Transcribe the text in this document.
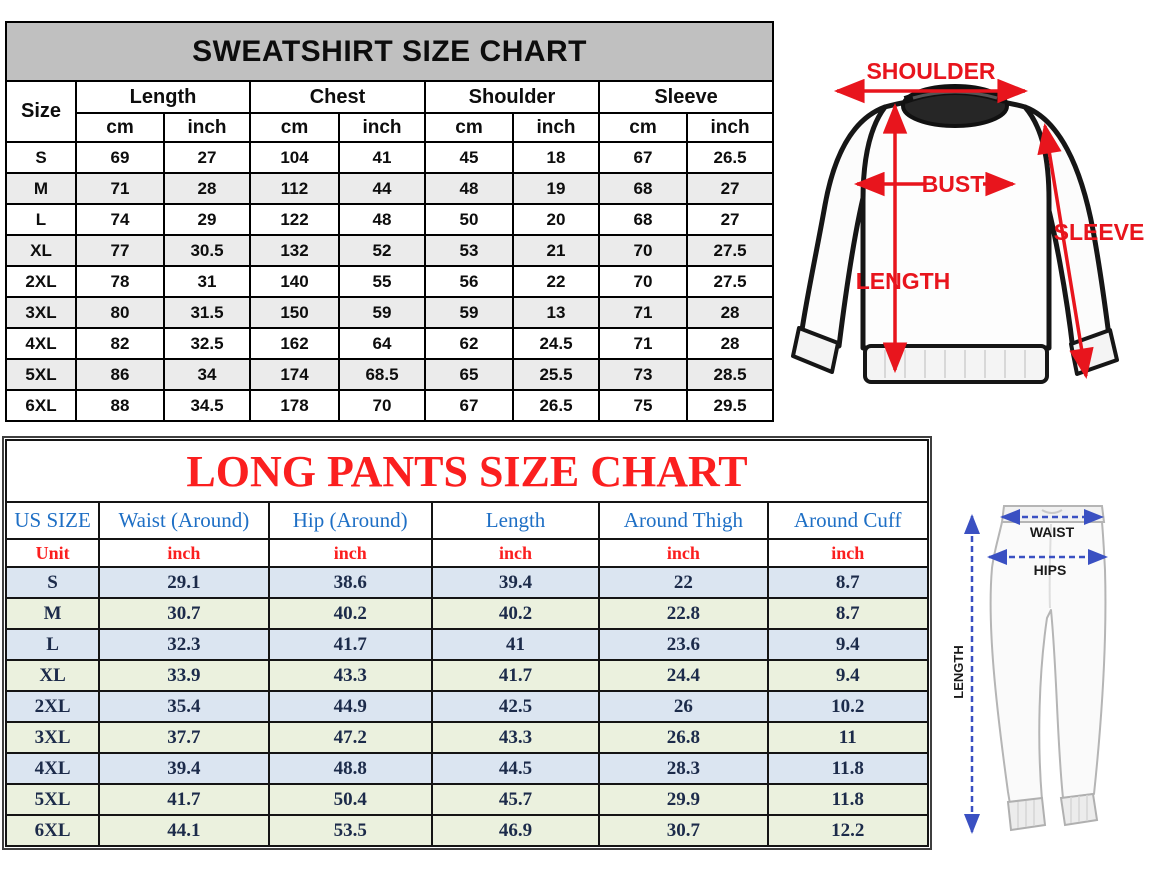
SWEATSHIRT SIZE CHART								
Size	Length		Chest		Shoulder		Sleeve	
	cm	inch	cm	inch	cm	inch	cm	inch
S	69	27	104	41	45	18	67	26.5
M	71	28	112	44	48	19	68	27
L	74	29	122	48	50	20	68	27
XL	77	30.5	132	52	53	21	70	27.5
2XL	78	31	140	55	56	22	70	27.5
3XL	80	31.5	150	59	59	13	71	28
4XL	82	32.5	162	64	62	24.5	71	28
5XL	86	34	174	68.5	65	25.5	73	28.5
6XL	88	34.5	178	70	67	26.5	75	29.5
SHOULDER
BUST
LENGTH
SLEEVE
LONG PANTS SIZE CHART					
US SIZE	Waist (Around)	Hip (Around)	Length	Around Thigh	Around Cuff
Unit	inch	inch	inch	inch	inch
S	29.1	38.6	39.4	22	8.7
M	30.7	40.2	40.2	22.8	8.7
L	32.3	41.7	41	23.6	9.4
XL	33.9	43.3	41.7	24.4	9.4
2XL	35.4	44.9	42.5	26	10.2
3XL	37.7	47.2	43.3	26.8	11
4XL	39.4	48.8	44.5	28.3	11.8
5XL	41.7	50.4	45.7	29.9	11.8
6XL	44.1	53.5	46.9	30.7	12.2
WAIST
HIPS
LENGTH
